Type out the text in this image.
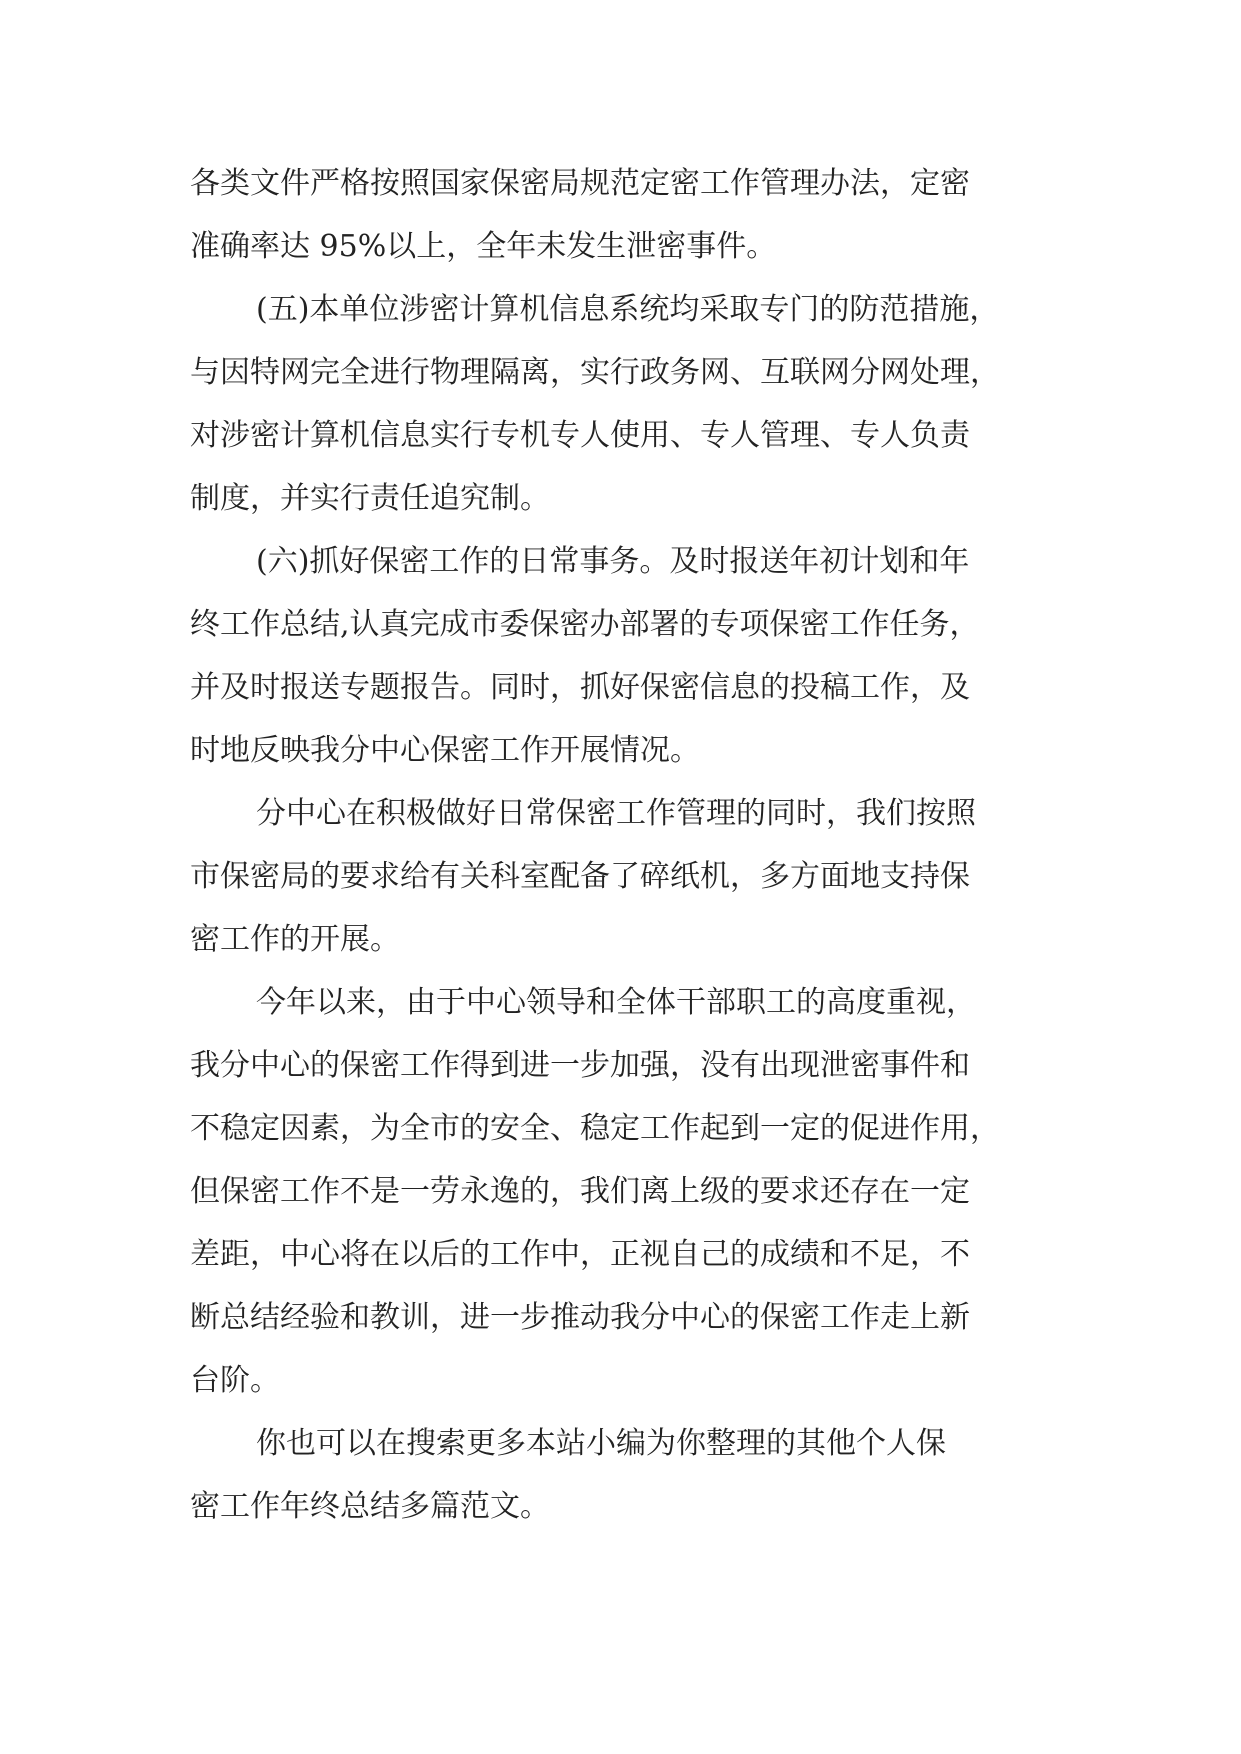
各类文件严格按照国家保密局规范定密工作管理办法，定密
准确率达 95%以上，全年未发生泄密事件。
(五)本单位涉密计算机信息系统均采取专门的防范措施，
与因特网完全进行物理隔离，实行政务网、互联网分网处理，
对涉密计算机信息实行专机专人使用、专人管理、专人负责
制度，并实行责任追究制。
(六)抓好保密工作的日常事务。及时报送年初计划和年
终工作总结,认真完成市委保密办部署的专项保密工作任务，
并及时报送专题报告。同时，抓好保密信息的投稿工作，及
时地反映我分中心保密工作开展情况。
分中心在积极做好日常保密工作管理的同时，我们按照
市保密局的要求给有关科室配备了碎纸机，多方面地支持保
密工作的开展。
今年以来，由于中心领导和全体干部职工的高度重视，
我分中心的保密工作得到进一步加强，没有出现泄密事件和
不稳定因素，为全市的安全、稳定工作起到一定的促进作用，
但保密工作不是一劳永逸的，我们离上级的要求还存在一定
差距，中心将在以后的工作中，正视自己的成绩和不足，不
断总结经验和教训，进一步推动我分中心的保密工作走上新
台阶。
你也可以在搜索更多本站小编为你整理的其他个人保
密工作年终总结多篇范文。
